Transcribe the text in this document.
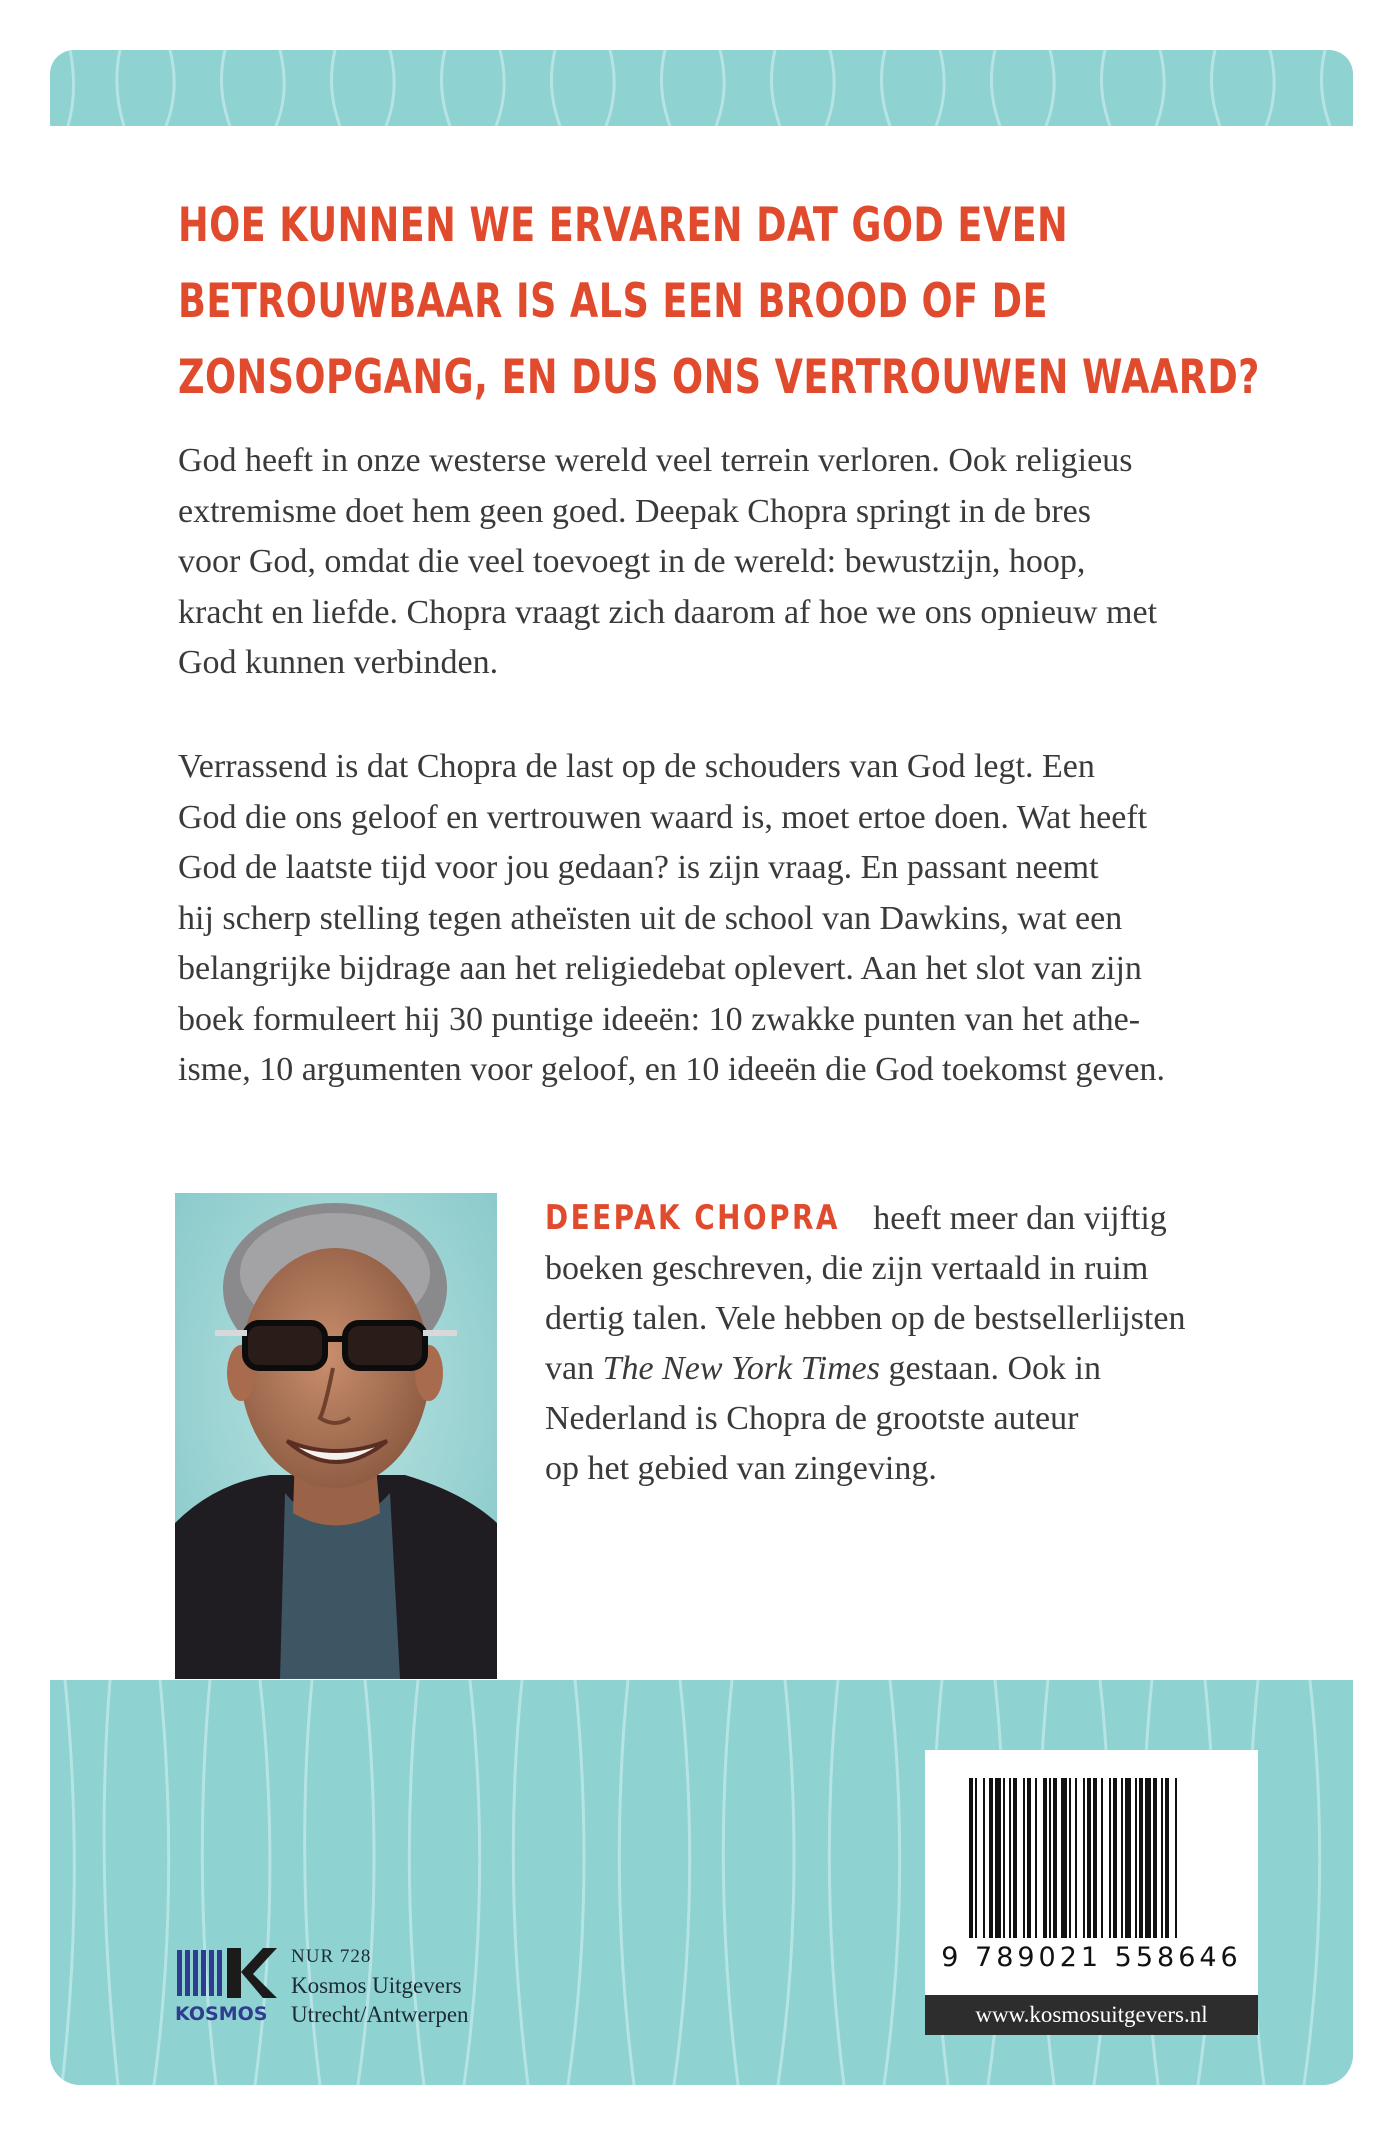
HOE KUNNEN WE ERVAREN DAT GOD EVEN
BETROUWBAAR IS ALS EEN BROOD OF DE
ZONSOPGANG, EN DUS ONS VERTROUWEN WAARD?
God heeft in onze westerse wereld veel terrein verloren. Ook religieus
extremisme doet hem geen goed. Deepak Chopra springt in de bres
voor God, omdat die veel toevoegt in de wereld: bewustzijn, hoop,
kracht en liefde. Chopra vraagt zich daarom af hoe we ons opnieuw met
God kunnen verbinden.
Verrassend is dat Chopra de last op de schouders van God legt. Een
God die ons geloof en vertrouwen waard is, moet ertoe doen. Wat heeft
God de laatste tijd voor jou gedaan? is zijn vraag. En passant neemt
hij scherp stelling tegen atheïsten uit de school van Dawkins, wat een
belangrijke bijdrage aan het religiedebat oplevert. Aan het slot van zijn
boek formuleert hij 30 puntige ideeën: 10 zwakke punten van het athe-
isme, 10 argumenten voor geloof, en 10 ideeën die God toekomst geven.
DEEPAK CHOPRA heeft meer dan vijftig
boeken geschreven, die zijn vertaald in ruim
dertig talen. Vele hebben op de bestsellerlijsten
van The New York Times gestaan. Ook in
Nederland is Chopra de grootste auteur
op het gebied van zingeving.
KOSMOS
NUR 728
Kosmos Uitgevers
Utrecht/Antwerpen
9 789021 558646
www.kosmosuitgevers.nl
